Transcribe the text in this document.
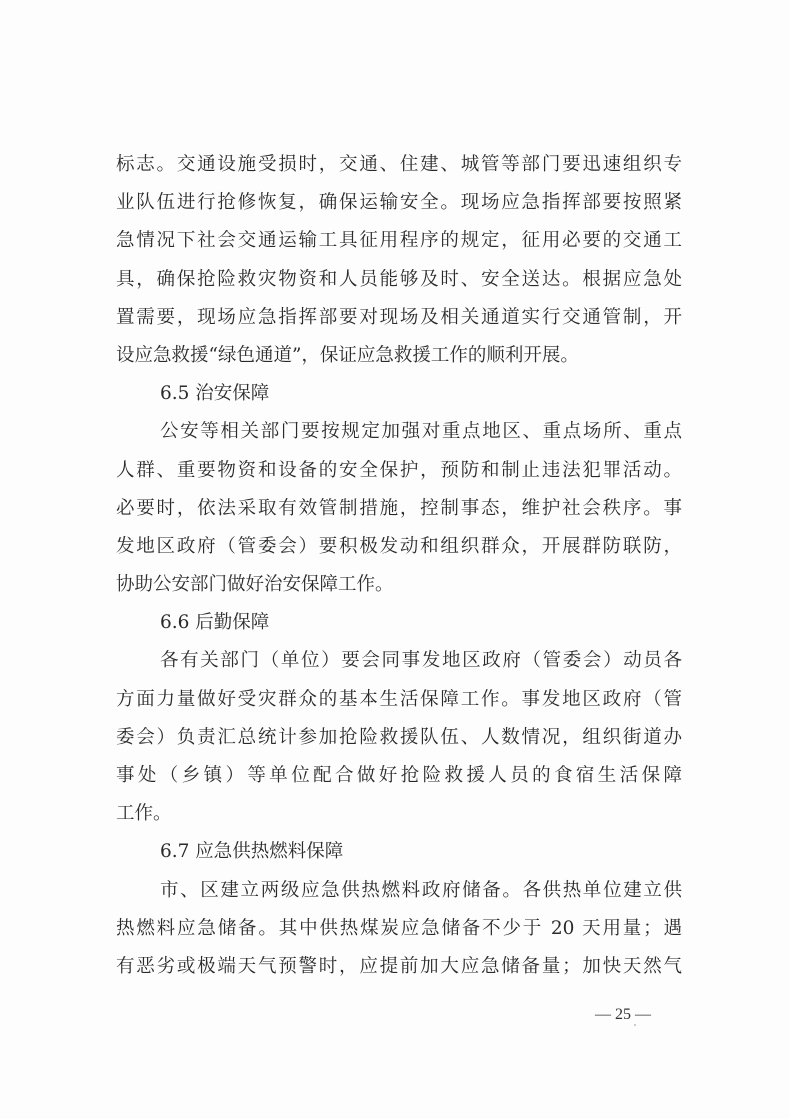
标志。交通设施受损时，交通、住建、城管等部门要迅速组织专
业队伍进行抢修恢复，确保运输安全。现场应急指挥部要按照紧
急情况下社会交通运输工具征用程序的规定，征用必要的交通工
具，确保抢险救灾物资和人员能够及时、安全送达。根据应急处
置需要，现场应急指挥部要对现场及相关通道实行交通管制，开
设应急救援“绿色通道”，保证应急救援工作的顺利开展。
6.5 治安保障
公安等相关部门要按规定加强对重点地区、重点场所、重点
人群、重要物资和设备的安全保护，预防和制止违法犯罪活动。
必要时，依法采取有效管制措施，控制事态，维护社会秩序。事
发地区政府（管委会）要积极发动和组织群众，开展群防联防，
协助公安部门做好治安保障工作。
6.6 后勤保障
各有关部门（单位）要会同事发地区政府（管委会）动员各
方面力量做好受灾群众的基本生活保障工作。事发地区政府（管
委会）负责汇总统计参加抢险救援队伍、人数情况，组织街道办
事处（乡镇）等单位配合做好抢险救援人员的食宿生活保障
工作。
6.7 应急供热燃料保障
市、区建立两级应急供热燃料政府储备。各供热单位建立供
热燃料应急储备。其中供热煤炭应急储备不少于 20 天用量；遇
有恶劣或极端天气预警时，应提前加大应急储备量；加快天然气
— 25 —
